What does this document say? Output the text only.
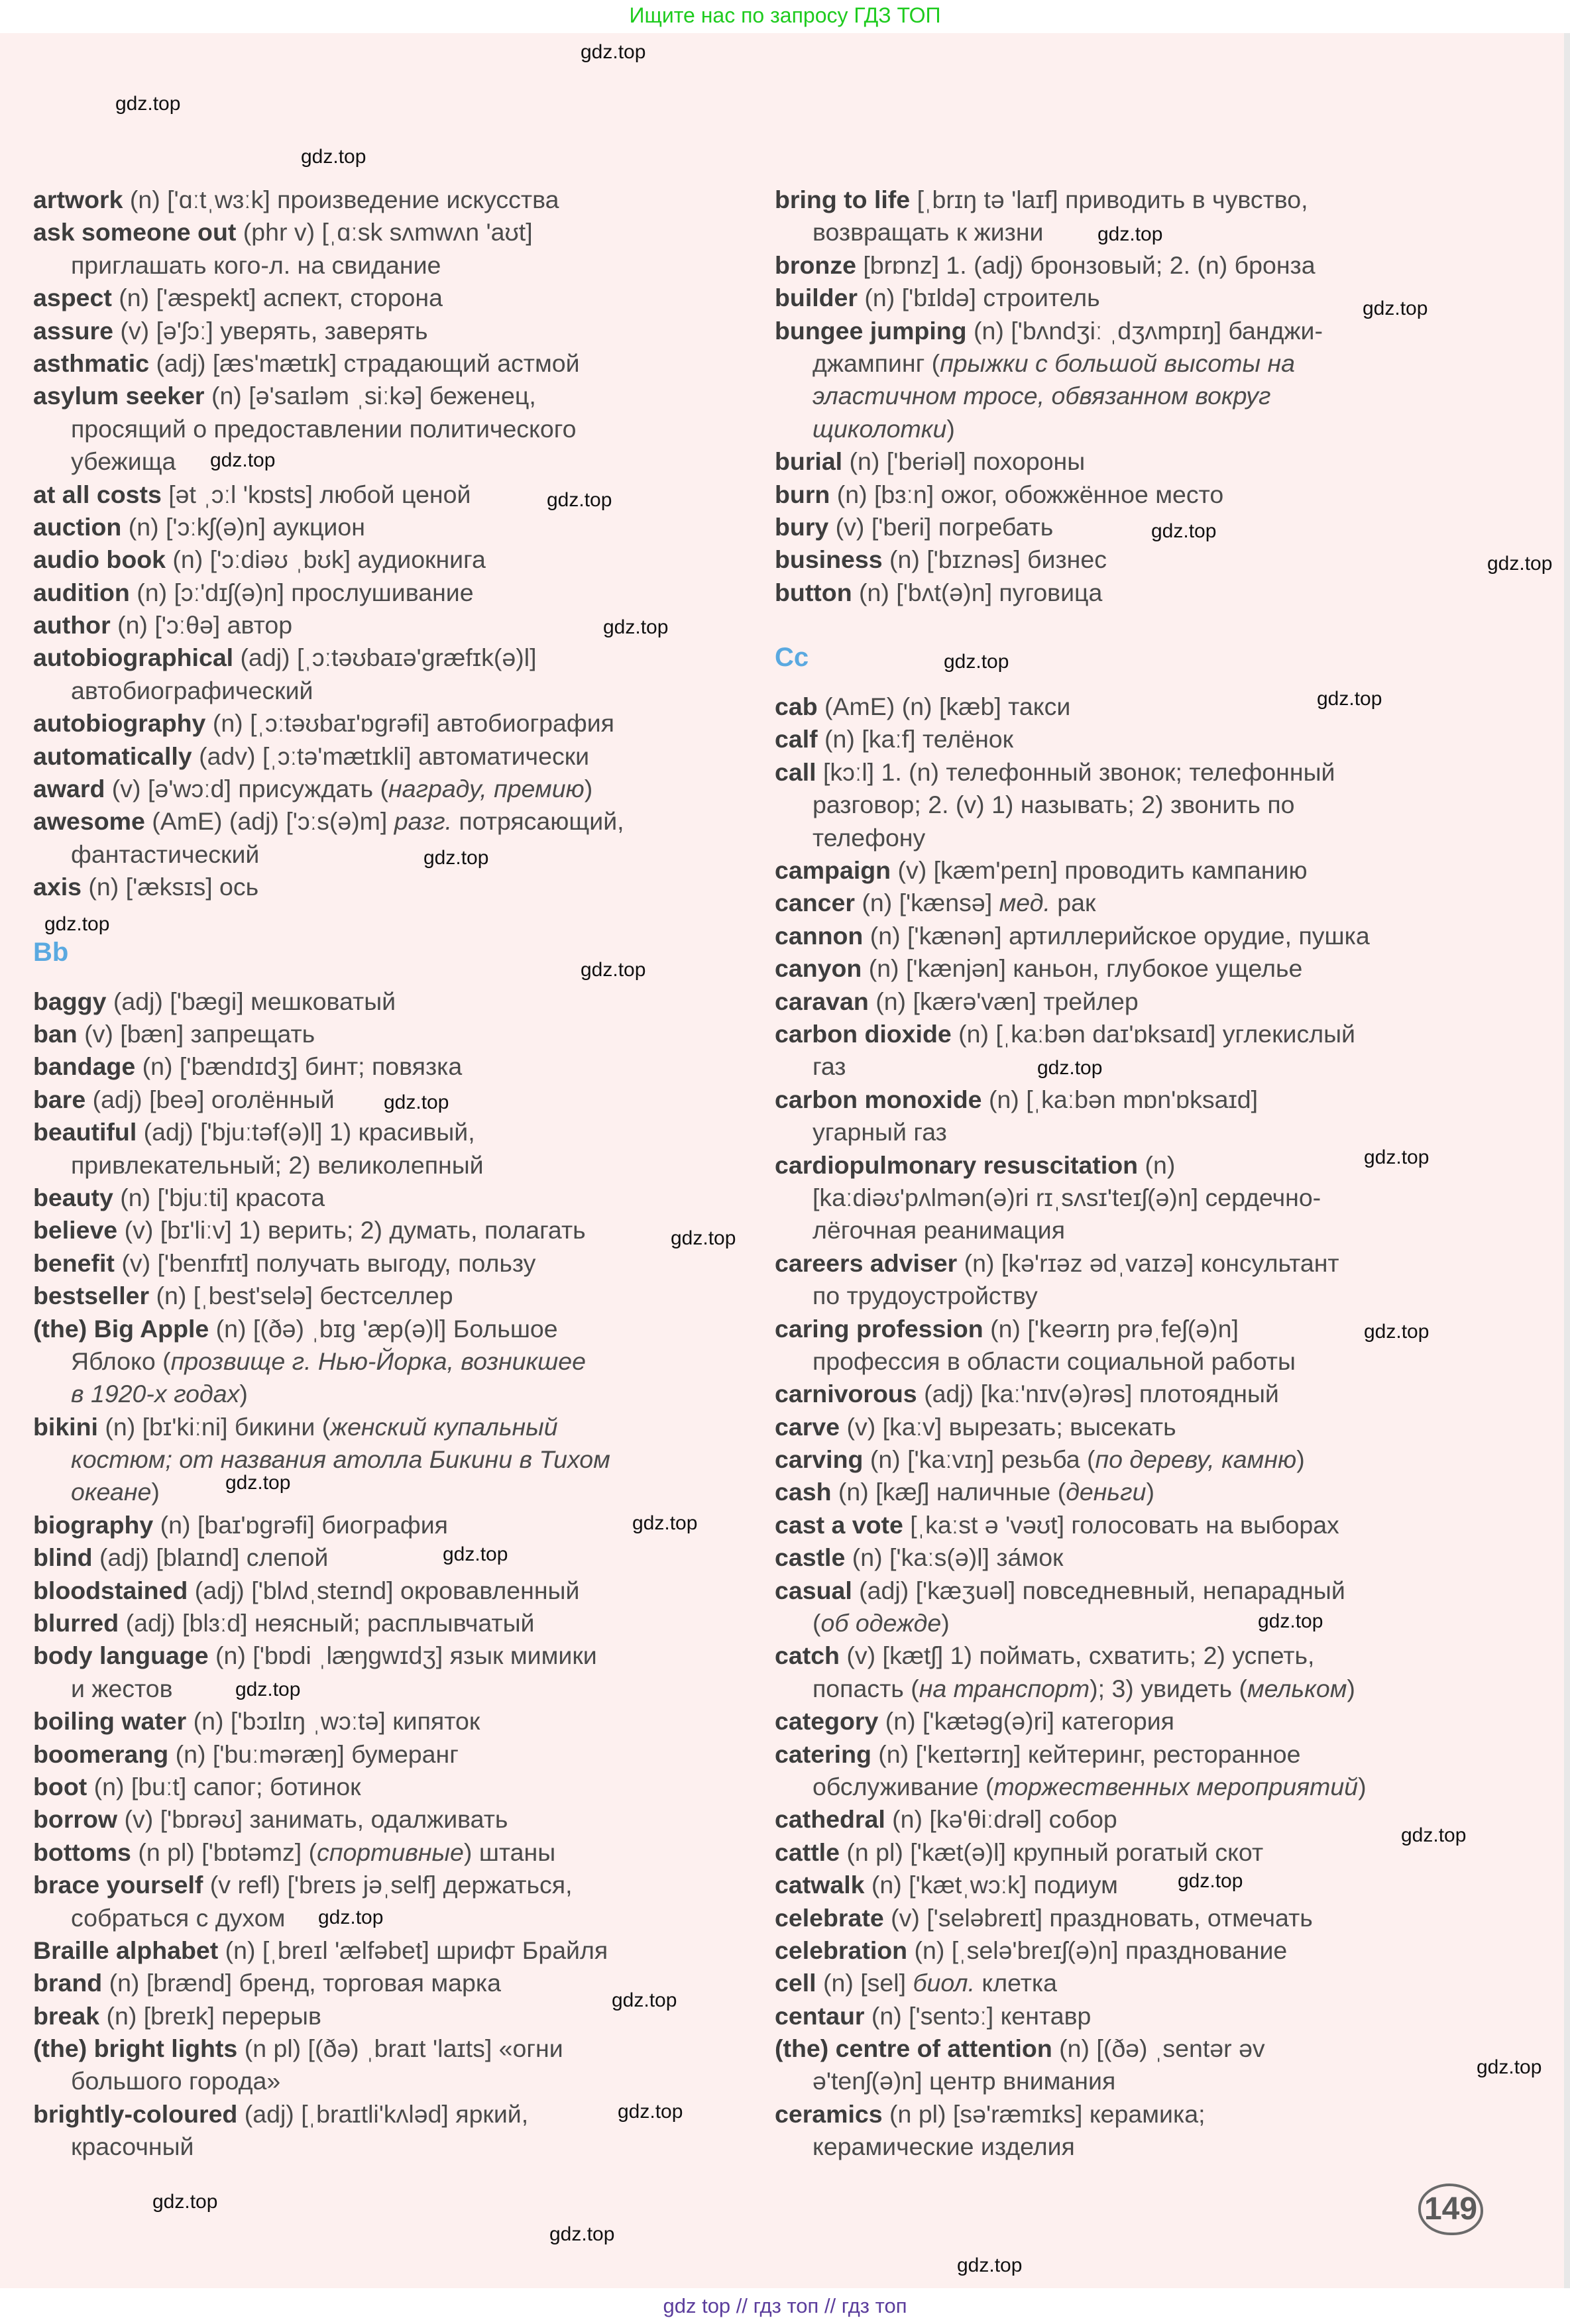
Ищите нас по запросу ГДЗ ТОП
artwork (n) ['ɑːtˌwɜːk] произведение искусства
ask someone out (phr v) [ˌɑːsk sʌmwʌn 'aʊt]
приглашать кого-л. на свидание
aspect (n) ['æspekt] аспект, сторона
assure (v) [ə'ʃɔː] уверять, заверять
asthmatic (adj) [æs'mætɪk] страдающий астмой
asylum seeker (n) [ə'saɪləm ˌsiːkə] беженец,
просящий о предоставлении политического
убежища
at all costs [ət ˌɔːl 'kɒsts] любой ценой
auction (n) ['ɔːkʃ(ə)n] аукцион
audio book (n) ['ɔːdiəʊ ˌbʊk] аудиокнига
audition (n) [ɔː'dɪʃ(ə)n] прослушивание
author (n) ['ɔːθə] автор
autobiographical (adj) [ˌɔːtəʊbaɪə'græfɪk(ə)l]
автобиографический
autobiography (n) [ˌɔːtəʊbaɪ'ɒgrəfi] автобиография
automatically (adv) [ˌɔːtə'mætɪkli] автоматически
award (v) [ə'wɔːd] присуждать (награду, премию)
awesome (AmE) (adj) ['ɔːs(ə)m] разг. потрясающий,
фантастический
axis (n) ['æksɪs] ось
Bb
baggy (adj) ['bægi] мешковатый
ban (v) [bæn] запрещать
bandage (n) ['bændɪdʒ] бинт; повязка
bare (adj) [beə] оголённый
beautiful (adj) ['bjuːtəf(ə)l] 1) красивый,
привлекательный; 2) великолепный
beauty (n) ['bjuːti] красота
believe (v) [bɪ'liːv] 1) верить; 2) думать, полагать
benefit (v) ['benɪfɪt] получать выгоду, пользу
bestseller (n) [ˌbest'selə] бестселлер
(the) Big Apple (n) [(ðə) ˌbɪg 'æp(ə)l] Большое
Яблоко (прозвище г. Нью-Йорка, возникшее
в 1920-х годах)
bikini (n) [bɪ'kiːni] бикини (женский купальный
костюм; от названия атолла Бикини в Тихом
океане)
biography (n) [baɪ'ɒgrəfi] биография
blind (adj) [blaɪnd] слепой
bloodstained (adj) ['blʌdˌsteɪnd] окровавленный
blurred (adj) [blɜːd] неясный; расплывчатый
body language (n) ['bɒdi ˌlæŋgwɪdʒ] язык мимики
и жестов
boiling water (n) ['bɔɪlɪŋ ˌwɔːtə] кипяток
boomerang (n) ['buːməræŋ] бумеранг
boot (n) [buːt] сапог; ботинок
borrow (v) ['bɒrəʊ] занимать, одалживать
bottoms (n pl) ['bɒtəmz] (спортивные) штаны
brace yourself (v refl) ['breɪs jəˌself] держаться,
собраться с духом
Braille alphabet (n) [ˌbreɪl 'ælfəbet] шрифт Брайля
brand (n) [brænd] бренд, торговая марка
break (n) [breɪk] перерыв
(the) bright lights (n pl) [(ðə) ˌbraɪt 'laɪts] «огни
большого города»
brightly-coloured (adj) [ˌbraɪtli'kʌləd] яркий,
красочный
bring to life [ˌbrɪŋ tə 'laɪf] приводить в чувство,
возвращать к жизни
bronze [brɒnz] 1. (adj) бронзовый; 2. (n) бронза
builder (n) ['bɪldə] строитель
bungee jumping (n) ['bʌndʒiː ˌdʒʌmpɪŋ] банджи-
джампинг (прыжки с большой высоты на
эластичном тросе, обвязанном вокруг
щиколотки)
burial (n) ['beriəl] похороны
burn (n) [bɜːn] ожог, обожжённое место
bury (v) ['beri] погребать
business (n) ['bɪznəs] бизнес
button (n) ['bʌt(ə)n] пуговица
Cc
cab (AmE) (n) [kæb] такси
calf (n) [kaːf] телёнок
call [kɔːl] 1. (n) телефонный звонок; телефонный
разговор; 2. (v) 1) называть; 2) звонить по
телефону
campaign (v) [kæm'peɪn] проводить кампанию
cancer (n) ['kænsə] мед. рак
cannon (n) ['kænən] артиллерийское орудие, пушка
canyon (n) ['kænjən] каньон, глубокое ущелье
caravan (n) [kærə'væn] трейлер
carbon dioxide (n) [ˌkaːbən daɪ'ɒksaɪd] углекислый
газ
carbon monoxide (n) [ˌkaːbən mɒn'ɒksaɪd]
угарный газ
cardiopulmonary resuscitation (n)
[kaːdiəʊ'pʌlmən(ə)ri rɪˌsʌsɪ'teɪʃ(ə)n] сердечно-
лёгочная реанимация
careers adviser (n) [kə'rɪəz ədˌvaɪzə] консультант
по трудоустройству
caring profession (n) ['keərɪŋ prəˌfeʃ(ə)n]
профессия в области социальной работы
carnivorous (adj) [kaː'nɪv(ə)rəs] плотоядный
carve (v) [kaːv] вырезать; высекать
carving (n) ['kaːvɪŋ] резьба (по дереву, камню)
cash (n) [kæʃ] наличные (деньги)
cast a vote [ˌkaːst ə 'vəʊt] голосовать на выборах
castle (n) ['kaːs(ə)l] за́мок
casual (adj) ['kæʒuəl] повседневный, непарадный
(об одежде)
catch (v) [kætʃ] 1) поймать, схватить; 2) успеть,
попасть (на транспорт); 3) увидеть (мельком)
category (n) ['kætəg(ə)ri] категория
catering (n) ['keɪtərɪŋ] кейтеринг, ресторанное
обслуживание (торжественных мероприятий)
cathedral (n) [kə'θiːdrəl] собор
cattle (n pl) ['kæt(ə)l] крупный рогатый скот
catwalk (n) ['kætˌwɔːk] подиум
celebrate (v) ['seləbreɪt] праздновать, отмечать
celebration (n) [ˌselə'breɪʃ(ə)n] празднование
cell (n) [sel] биол. клетка
centaur (n) ['sentɔː] кентавр
(the) centre of attention (n) [(ðə) ˌsentər əv
ə'tenʃ(ə)n] центр внимания
ceramics (n pl) [sə'ræmɪks] керамика;
керамические изделия
gdz.top
gdz.top
gdz.top
gdz.top
gdz.top
gdz.top
gdz.top
gdz.top
gdz.top
gdz.top
gdz.top
gdz.top
gdz.top
gdz.top
gdz.top
gdz.top
gdz.top
gdz.top
gdz.top
gdz.top
gdz.top
gdz.top
gdz.top
gdz.top
gdz.top
gdz.top
gdz.top
gdz.top
gdz.top
gdz.top
gdz.top
gdz.top
gdz.top
gdz.top
149
gdz top // гдз топ // гдз топ
